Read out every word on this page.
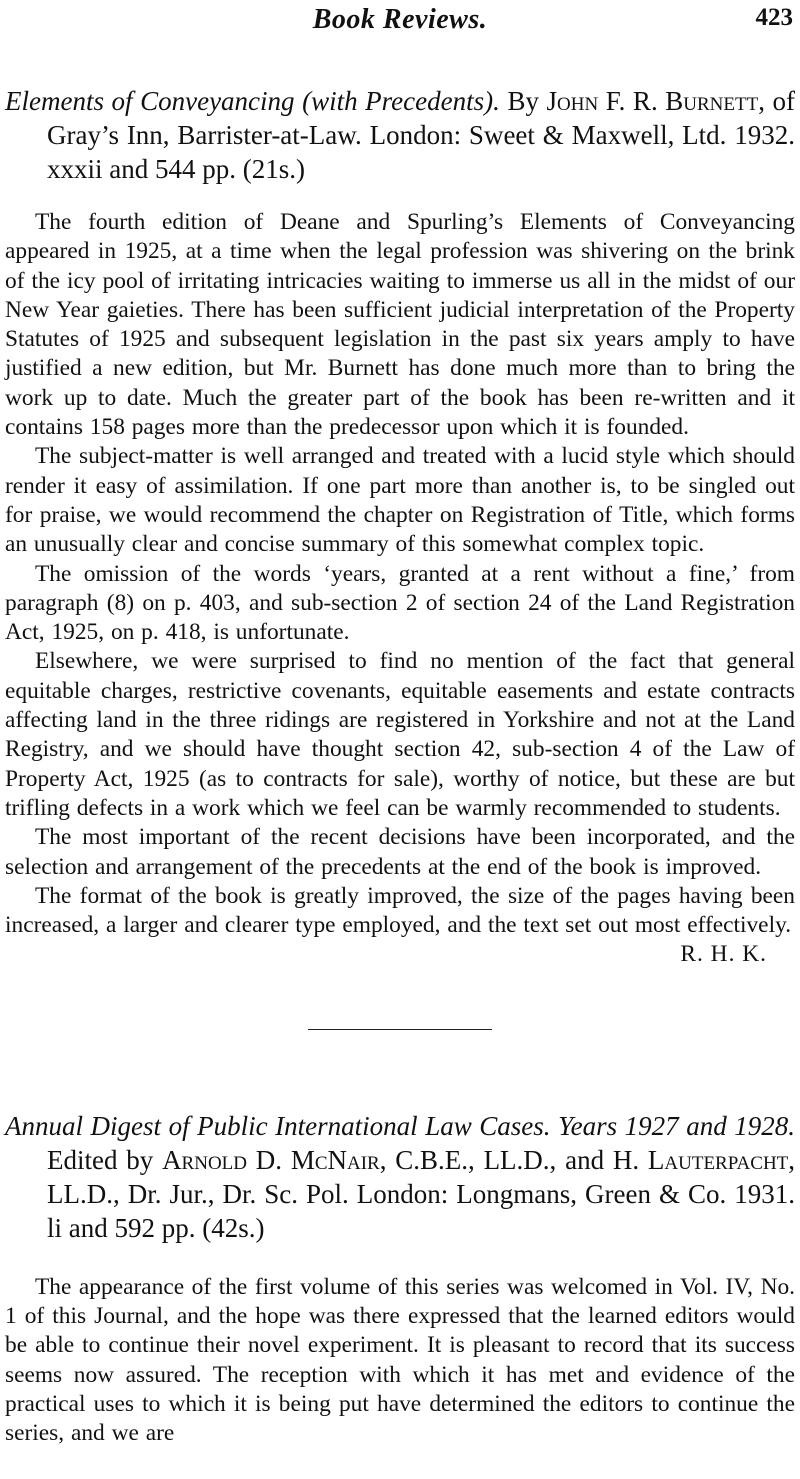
Book Reviews.	423

Elements of Conveyancing (with Precedents). By John F. R. Burnett, of Gray’s Inn, Barrister-at-Law. London: Sweet & Maxwell, Ltd. 1932. xxxii and 544 pp. (21s.)

The fourth edition of Deane and Spurling’s Elements of Conveyancing appeared in 1925, at a time when the legal profession was shivering on the brink of the icy pool of irritating intricacies waiting to immerse us all in the midst of our New Year gaieties. There has been sufficient judicial interpretation of the Property Statutes of 1925 and subsequent legislation in the past six years amply to have justified a new edition, but Mr. Burnett has done much more than to bring the work up to date. Much the greater part of the book has been re-written and it contains 158 pages more than the predecessor upon which it is founded.

The subject-matter is well arranged and treated with a lucid style which should render it easy of assimilation. If one part more than another is, to be singled out for praise, we would recommend the chapter on Registration of Title, which forms an unusually clear and concise summary of this somewhat complex topic.

The omission of the words ‘years, granted at a rent without a fine,’ from paragraph (8) on p. 403, and sub-section 2 of section 24 of the Land Registration Act, 1925, on p. 418, is unfortunate.

Elsewhere, we were surprised to find no mention of the fact that general equitable charges, restrictive covenants, equitable easements and estate contracts affecting land in the three ridings are registered in Yorkshire and not at the Land Registry, and we should have thought section 42, sub-section 4 of the Law of Property Act, 1925 (as to contracts for sale), worthy of notice, but these are but trifling defects in a work which we feel can be warmly recommended to students.

The most important of the recent decisions have been incorporated, and the selection and arrangement of the precedents at the end of the book is improved.

The format of the book is greatly improved, the size of the pages having been increased, a larger and clearer type employed, and the text set out most effectively.

R. H. K.

Annual Digest of Public International Law Cases. Years 1927 and 1928. Edited by Arnold D. McNair, C.B.E., LL.D., and H. Lauterpacht, LL.D., Dr. Jur., Dr. Sc. Pol. London: Longmans, Green & Co. 1931. li and 592 pp. (42s.)

The appearance of the first volume of this series was welcomed in Vol. IV, No. 1 of this Journal, and the hope was there expressed that the learned editors would be able to continue their novel experiment. It is pleasant to record that its success seems now assured. The reception with which it has met and evidence of the practical uses to which it is being put have determined the editors to continue the series, and we are
